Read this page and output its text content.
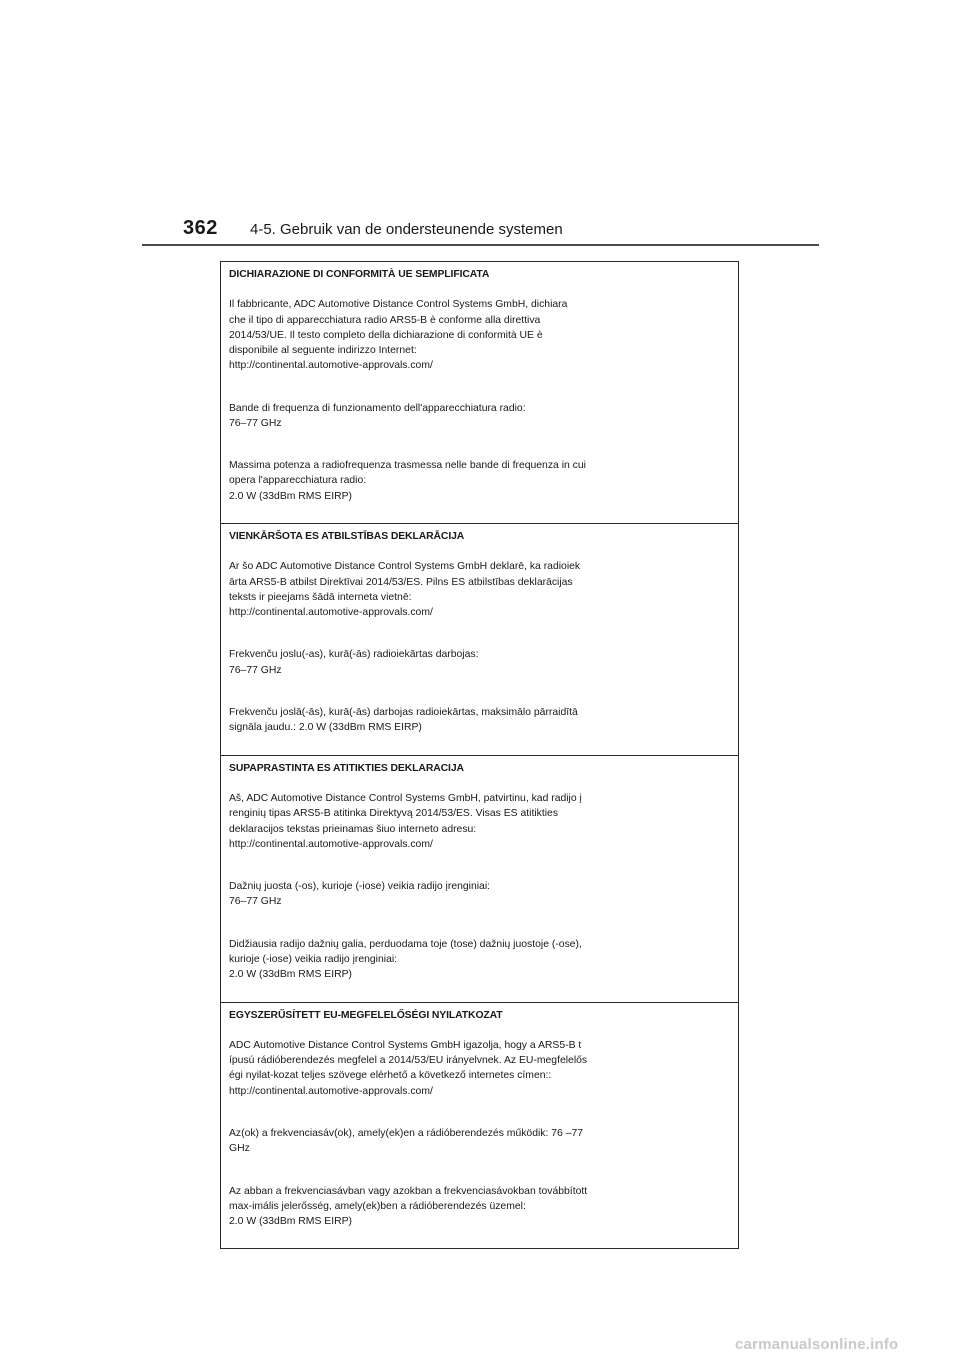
362 4-5. Gebruik van de ondersteunende systemen

DICHIARAZIONE DI CONFORMITÀ UE SEMPLIFICATA

Il fabbricante, ADC Automotive Distance Control Systems GmbH, dichiara
che il tipo di apparecchiatura radio ARS5-B è conforme alla direttiva
2014/53/UE. Il testo completo della dichiarazione di conformità UE è
disponibile al seguente indirizzo Internet:
http://continental.automotive-approvals.com/

Bande di frequenza di funzionamento dell'apparecchiatura radio:
76–77 GHz

Massima potenza a radiofrequenza trasmessa nelle bande di frequenza in cui
opera l'apparecchiatura radio:
2.0 W (33dBm RMS EIRP)

VIENKĀRŠOTA ES ATBILSTĪBAS DEKLARĀCIJA

Ar šo ADC Automotive Distance Control Systems GmbH deklarē, ka radioiek
ārta ARS5-B atbilst Direktīvai 2014/53/ES. Pilns ES atbilstības deklarācijas
teksts ir pieejams šādā interneta vietnē:
http://continental.automotive-approvals.com/

Frekvenču joslu(-as), kurā(-ās) radioiekārtas darbojas:
76–77 GHz

Frekvenču joslā(-ās), kurā(-ās) darbojas radioiekārtas, maksimālo pārraidītā
signāla jaudu.: 2.0 W (33dBm RMS EIRP)

SUPAPRASTINTA ES ATITIKTIES DEKLARACIJA

Aš, ADC Automotive Distance Control Systems GmbH, patvirtinu, kad radijo į
renginių tipas ARS5-B atitinka Direktyvą 2014/53/ES. Visas ES atitikties
deklaracijos tekstas prieinamas šiuo interneto adresu:
http://continental.automotive-approvals.com/

Dažnių juosta (-os), kurioje (-iose) veikia radijo įrenginiai:
76–77 GHz

Didžiausia radijo dažnių galia, perduodama toje (tose) dažnių juostoje (-ose),
kurioje (-iose) veikia radijo įrenginiai:
2.0 W (33dBm RMS EIRP)

EGYSZERŰSÍTETT EU-MEGFELELŐSÉGI NYILATKOZAT

ADC Automotive Distance Control Systems GmbH igazolja, hogy a ARS5-B t
ípusú rádióberendezés megfelel a 2014/53/EU irányelvnek. Az EU-megfelelős
égi nyilat-kozat teljes szövege elérhető a következő internetes címen::
http://continental.automotive-approvals.com/

Az(ok) a frekvenciasáv(ok), amely(ek)en a rádióberendezés működik: 76 –77
GHz

Az abban a frekvenciasávban vagy azokban a frekvenciasávokban továbbított
max-imális jelerősség, amely(ek)ben a rádióberendezés üzemel:
2.0 W (33dBm RMS EIRP)

carmanualsonline.info
